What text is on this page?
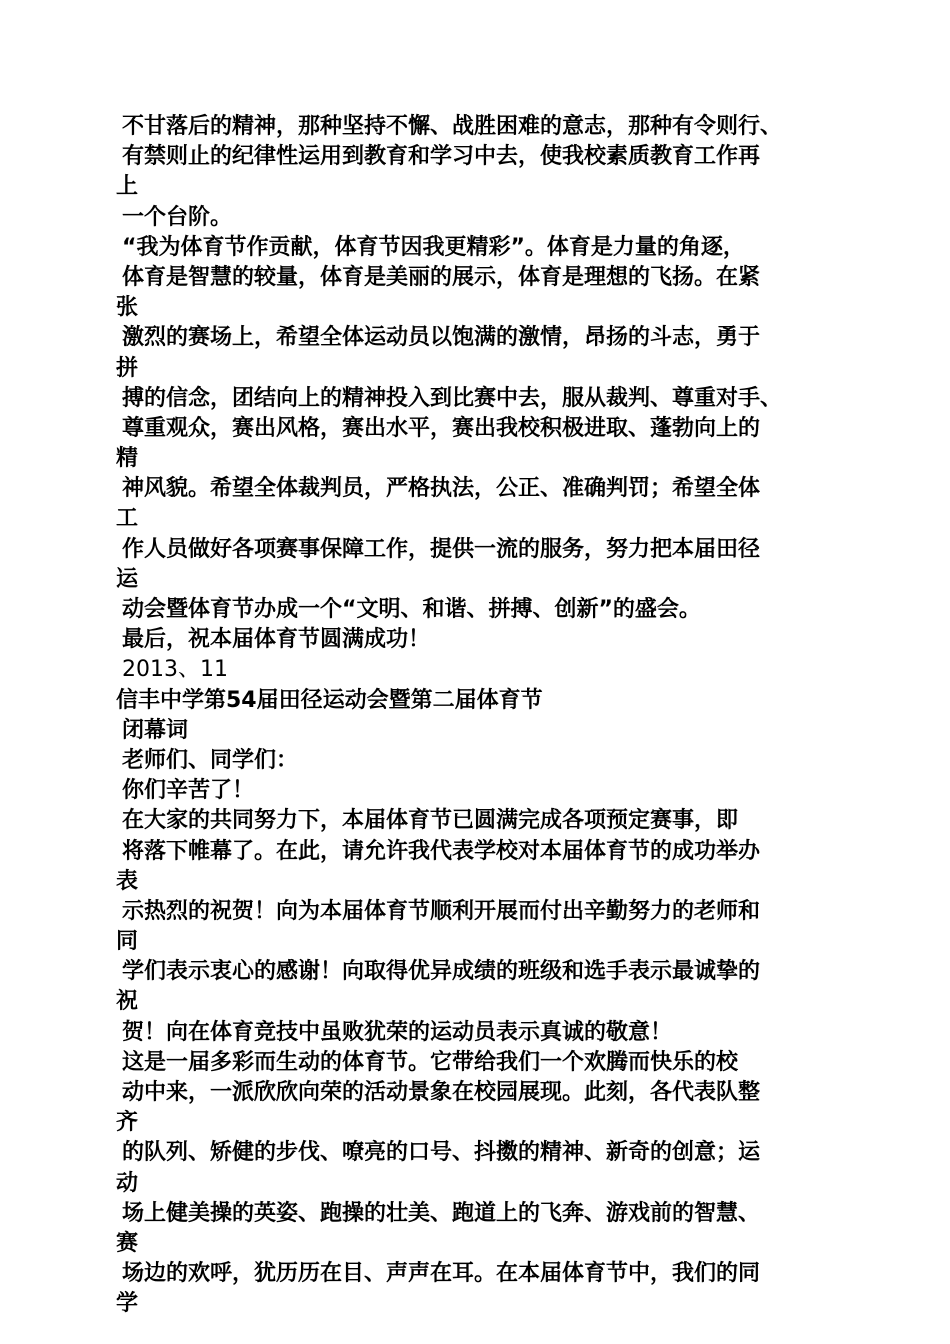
不甘落后的精神，那种坚持不懈、战胜困难的意志，那种有令则行、

有禁则止的纪律性运用到教育和学习中去，使我校素质教育工作再

上

一个台阶。

“我为体育节作贡献，体育节因我更精彩”。体育是力量的角逐，

体育是智慧的较量，体育是美丽的展示，体育是理想的飞扬。在紧

张

激烈的赛场上，希望全体运动员以饱满的激情，昂扬的斗志，勇于

拼

搏的信念，团结向上的精神投入到比赛中去，服从裁判、尊重对手、

尊重观众，赛出风格，赛出水平，赛出我校积极进取、蓬勃向上的

精

神风貌。希望全体裁判员，严格执法，公正、准确判罚；希望全体

工

作人员做好各项赛事保障工作，提供一流的服务，努力把本届田径

运

动会暨体育节办成一个“文明、和谐、拼搏、创新”的盛会。

最后，祝本届体育节圆满成功！

2013、11

信丰中学第54届田径运动会暨第二届体育节

闭幕词

老师们、同学们：

你们辛苦了！

在大家的共同努力下，本届体育节已圆满完成各项预定赛事，即

将落下帷幕了。在此，请允许我代表学校对本届体育节的成功举办

表

示热烈的祝贺！向为本届体育节顺利开展而付出辛勤努力的老师和

同

学们表示衷心的感谢！向取得优异成绩的班级和选手表示最诚挚的

祝

贺！向在体育竞技中虽败犹荣的运动员表示真诚的敬意！

这是一届多彩而生动的体育节。它带给我们一个欢腾而快乐的校

动中来，一派欣欣向荣的活动景象在校园展现。此刻，各代表队整

齐

的队列、矫健的步伐、嘹亮的口号、抖擞的精神、新奇的创意；运

动

场上健美操的英姿、跑操的壮美、跑道上的飞奔、游戏前的智慧、

赛

场边的欢呼，犹历历在目、声声在耳。在本届体育节中，我们的同

学
